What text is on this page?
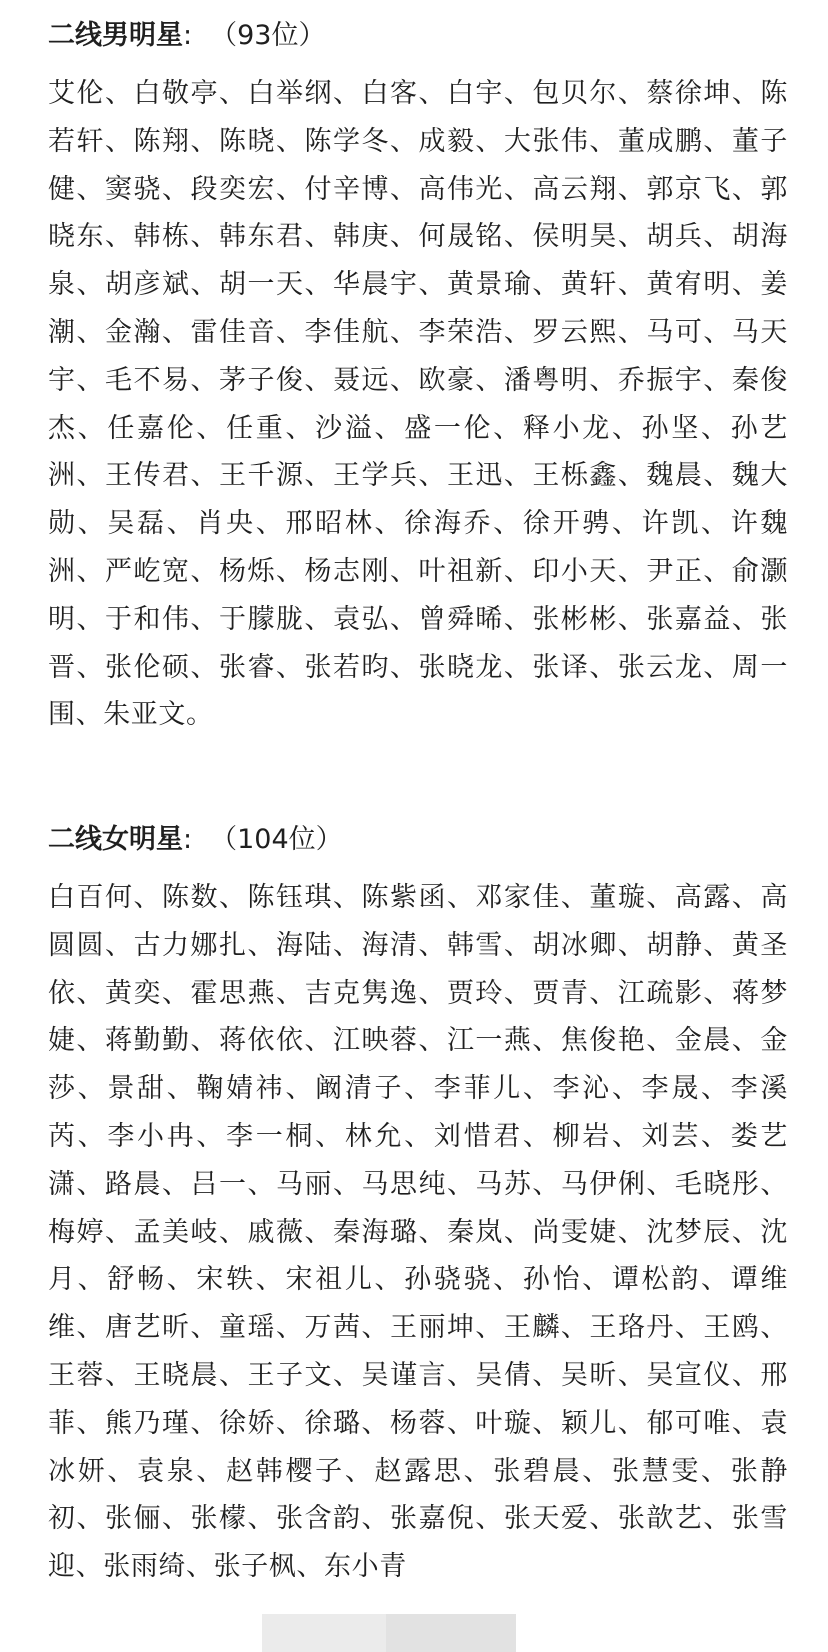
二线男明星: （93位）
艾伦、白敬亭、白举纲、白客、白宇、包贝尔、蔡徐坤、陈若轩、陈翔、陈晓、陈学冬、成毅、大张伟、董成鹏、董子健、窦骁、段奕宏、付辛博、高伟光、高云翔、郭京飞、郭晓东、韩栋、韩东君、韩庚、何晟铭、侯明昊、胡兵、胡海泉、胡彦斌、胡一天、华晨宇、黄景瑜、黄轩、黄宥明、姜潮、金瀚、雷佳音、李佳航、李荣浩、罗云熙、马可、马天宇、毛不易、茅子俊、聂远、欧豪、潘粤明、乔振宇、秦俊杰、任嘉伦、任重、沙溢、盛一伦、释小龙、孙坚、孙艺洲、王传君、王千源、王学兵、王迅、王栎鑫、魏晨、魏大勋、吴磊、肖央、邢昭林、徐海乔、徐开骋、许凯、许魏洲、严屹宽、杨烁、杨志刚、叶祖新、印小天、尹正、俞灏明、于和伟、于朦胧、袁弘、曾舜晞、张彬彬、张嘉益、张晋、张伦硕、张睿、张若昀、张晓龙、张译、张云龙、周一围、朱亚文。
二线女明星: （104位）
白百何、陈数、陈钰琪、陈紫函、邓家佳、董璇、高露、高圆圆、古力娜扎、海陆、海清、韩雪、胡冰卿、胡静、黄圣依、黄奕、霍思燕、吉克隽逸、贾玲、贾青、江疏影、蒋梦婕、蒋勤勤、蒋依依、江映蓉、江一燕、焦俊艳、金晨、金莎、景甜、鞠婧祎、阚清子、李菲儿、李沁、李晟、李溪芮、李小冉、李一桐、林允、刘惜君、柳岩、刘芸、娄艺潇、路晨、吕一、马丽、马思纯、马苏、马伊俐、毛晓彤、梅婷、孟美岐、戚薇、秦海璐、秦岚、尚雯婕、沈梦辰、沈月、舒畅、宋轶、宋祖儿、孙骁骁、孙怡、谭松韵、谭维维、唐艺昕、童瑶、万茜、王丽坤、王麟、王珞丹、王鸥、王蓉、王晓晨、王子文、吴谨言、吴倩、吴昕、吴宣仪、邢菲、熊乃瑾、徐娇、徐璐、杨蓉、叶璇、颖儿、郁可唯、袁冰妍、袁泉、赵韩樱子、赵露思、张碧晨、张慧雯、张静初、张俪、张檬、张含韵、张嘉倪、张天爱、张歆艺、张雪迎、张雨绮、张子枫、东小青
